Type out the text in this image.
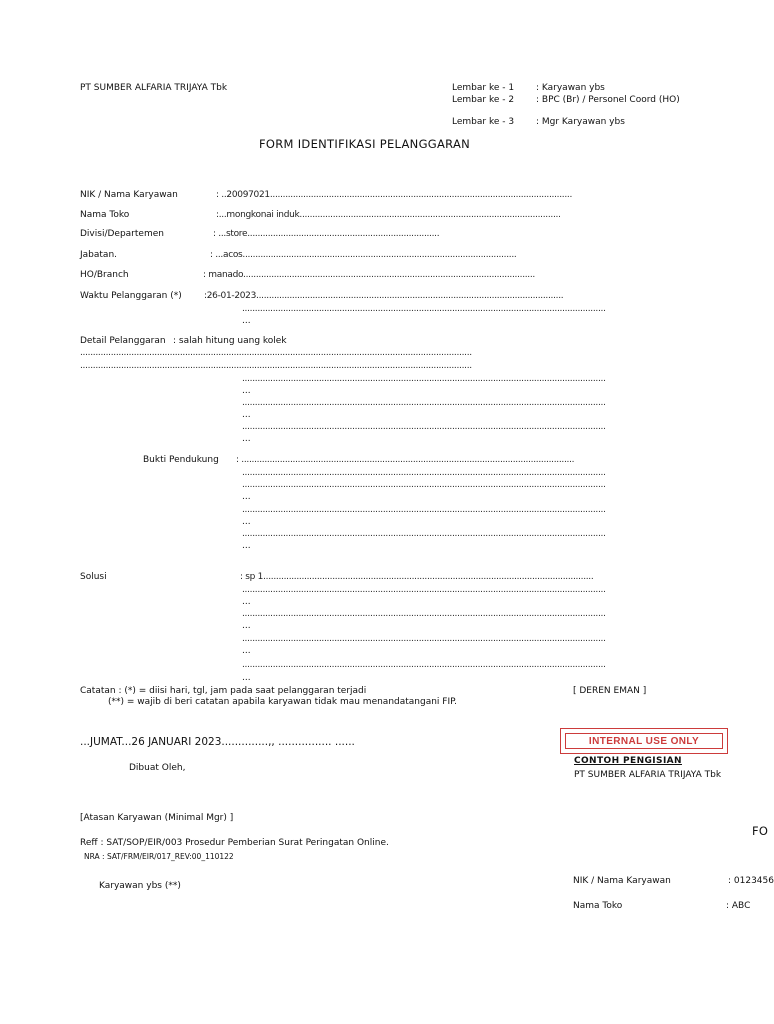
PT SUMBER ALFARIA TRIJAYA Tbk	Lembar ke - 1 : Karyawan ybs
Lembar ke - 2 : BPC (Br) / Personel Coord (HO)
Lembar ke - 3 : Mgr Karyawan ybs
FORM IDENTIFIKASI PELANGGARAN
NIK / Nama Karyawan	: ..20097021......................................................................................................................
Nama Toko	:...mongkonai induk......................................................................................................
Divisi/Departemen	: ...store...........................................................................
Jabatan.	: ...acos...........................................................................................................
HO/Branch	: manado..................................................................................................................
Waktu Pelanggaran (*) :26-01-2023........................................................................................................................
..............................................................................................................................................
...
Detail Pelanggaran : salah hitung uang kolek
.........................................................................................................................................................
.........................................................................................................................................................
..............................................................................................................................................
...
..............................................................................................................................................
...
..............................................................................................................................................
...
Bukti Pendukung : ..................................................................................................................................
..............................................................................................................................................
..............................................................................................................................................
...
..............................................................................................................................................
...
..............................................................................................................................................
...
Solusi	: sp 1.................................................................................................................................
..............................................................................................................................................
...
..............................................................................................................................................
...
..............................................................................................................................................
...
..............................................................................................................................................
...
Catatan : (*) = diisi hari, tgl, jam pada saat pelanggaran terjadi
(**) = wajib di beri catatan apabila karyawan tidak mau menandatangani FIP.
[ DEREN EMAN ]
...JUMAT...26 JANUARI 2023..............,, ................ ......	INTERNAL USE ONLY
Dibuat Oleh,
CONTOH PENGISIAN
PT SUMBER ALFARIA TRIJAYA Tbk
[Atasan Karyawan (Minimal Mgr) ]
FO
Reff : SAT/SOP/EIR/003 Prosedur Pemberian Surat Peringatan Online.
NRA : SAT/FRM/EIR/017_REV:00_110122
Karyawan ybs (**)	NIK / Nama Karyawan	: 0123456
Nama Toko	: ABC
